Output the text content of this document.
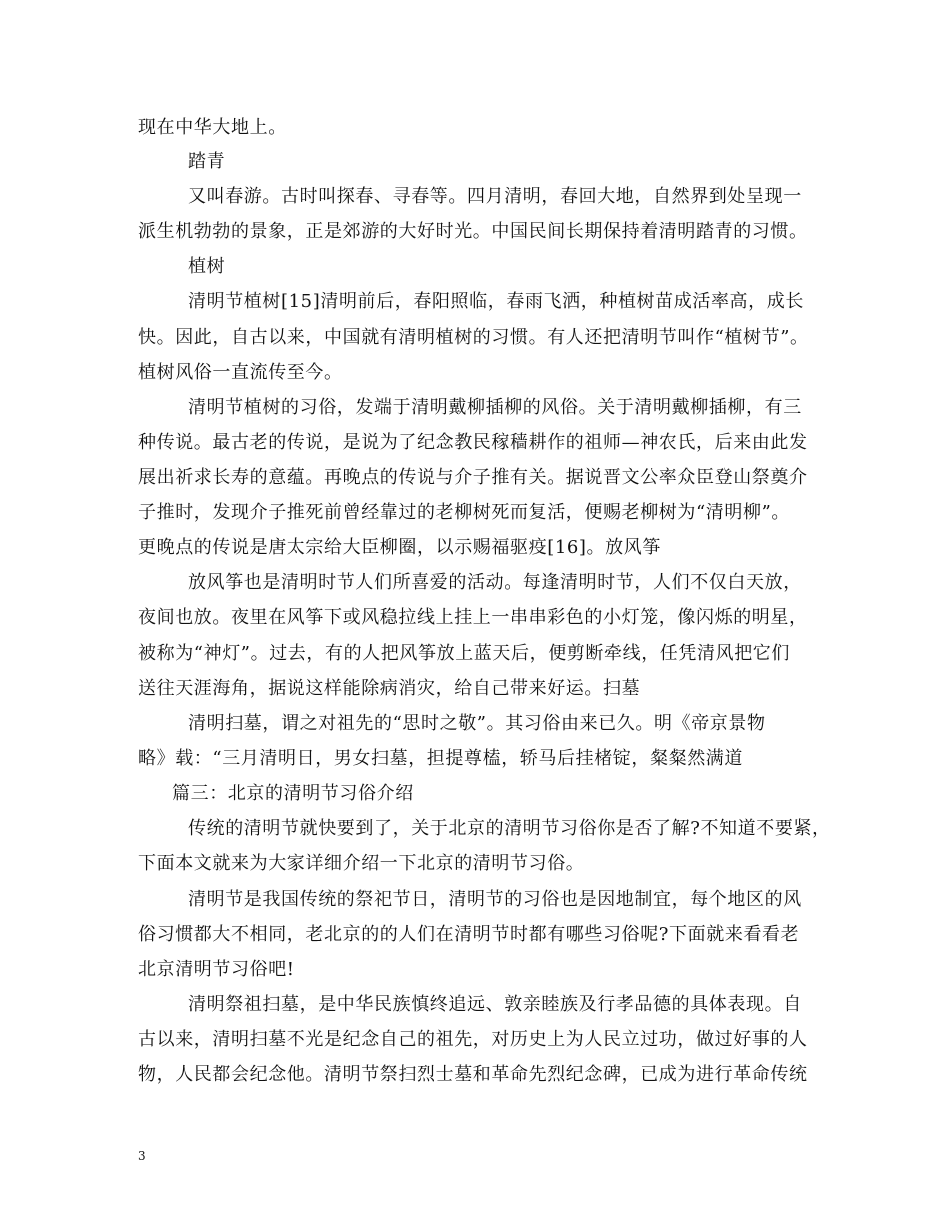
现在中华大地上。
踏青
又叫春游。古时叫探春、寻春等。四月清明，春回大地，自然界到处呈现一
派生机勃勃的景象，正是郊游的大好时光。中国民间长期保持着清明踏青的习惯。
植树
清明节植树[15]清明前后，春阳照临，春雨飞洒，种植树苗成活率高，成长
快。因此，自古以来，中国就有清明植树的习惯。有人还把清明节叫作“植树节”。
植树风俗一直流传至今。
清明节植树的习俗，发端于清明戴柳插柳的风俗。关于清明戴柳插柳，有三
种传说。最古老的传说，是说为了纪念教民稼穑耕作的祖师—神农氏，后来由此发
展出祈求长寿的意蕴。再晚点的传说与介子推有关。据说晋文公率众臣登山祭奠介
子推时，发现介子推死前曾经靠过的老柳树死而复活，便赐老柳树为“清明柳”。
更晚点的传说是唐太宗给大臣柳圈，以示赐福驱疫[16]。放风筝
放风筝也是清明时节人们所喜爱的活动。每逢清明时节，人们不仅白天放，
夜间也放。夜里在风筝下或风稳拉线上挂上一串串彩色的小灯笼，像闪烁的明星，
被称为“神灯”。过去，有的人把风筝放上蓝天后，便剪断牵线，任凭清风把它们
送往天涯海角，据说这样能除病消灾，给自己带来好运。扫墓
清明扫墓，谓之对祖先的“思时之敬”。其习俗由来已久。明《帝京景物
略》载：“三月清明日，男女扫墓，担提尊榼，轿马后挂楮锭，粲粲然满道
篇三：北京的清明节习俗介绍
传统的清明节就快要到了，关于北京的清明节习俗你是否了解?不知道不要紧，
下面本文就来为大家详细介绍一下北京的清明节习俗。
清明节是我国传统的祭祀节日，清明节的习俗也是因地制宜，每个地区的风
俗习惯都大不相同，老北京的的人们在清明节时都有哪些习俗呢?下面就来看看老
北京清明节习俗吧!
清明祭祖扫墓，是中华民族慎终追远、敦亲睦族及行孝品德的具体表现。自
古以来，清明扫墓不光是纪念自己的祖先，对历史上为人民立过功，做过好事的人
物，人民都会纪念他。清明节祭扫烈士墓和革命先烈纪念碑，已成为进行革命传统
3
